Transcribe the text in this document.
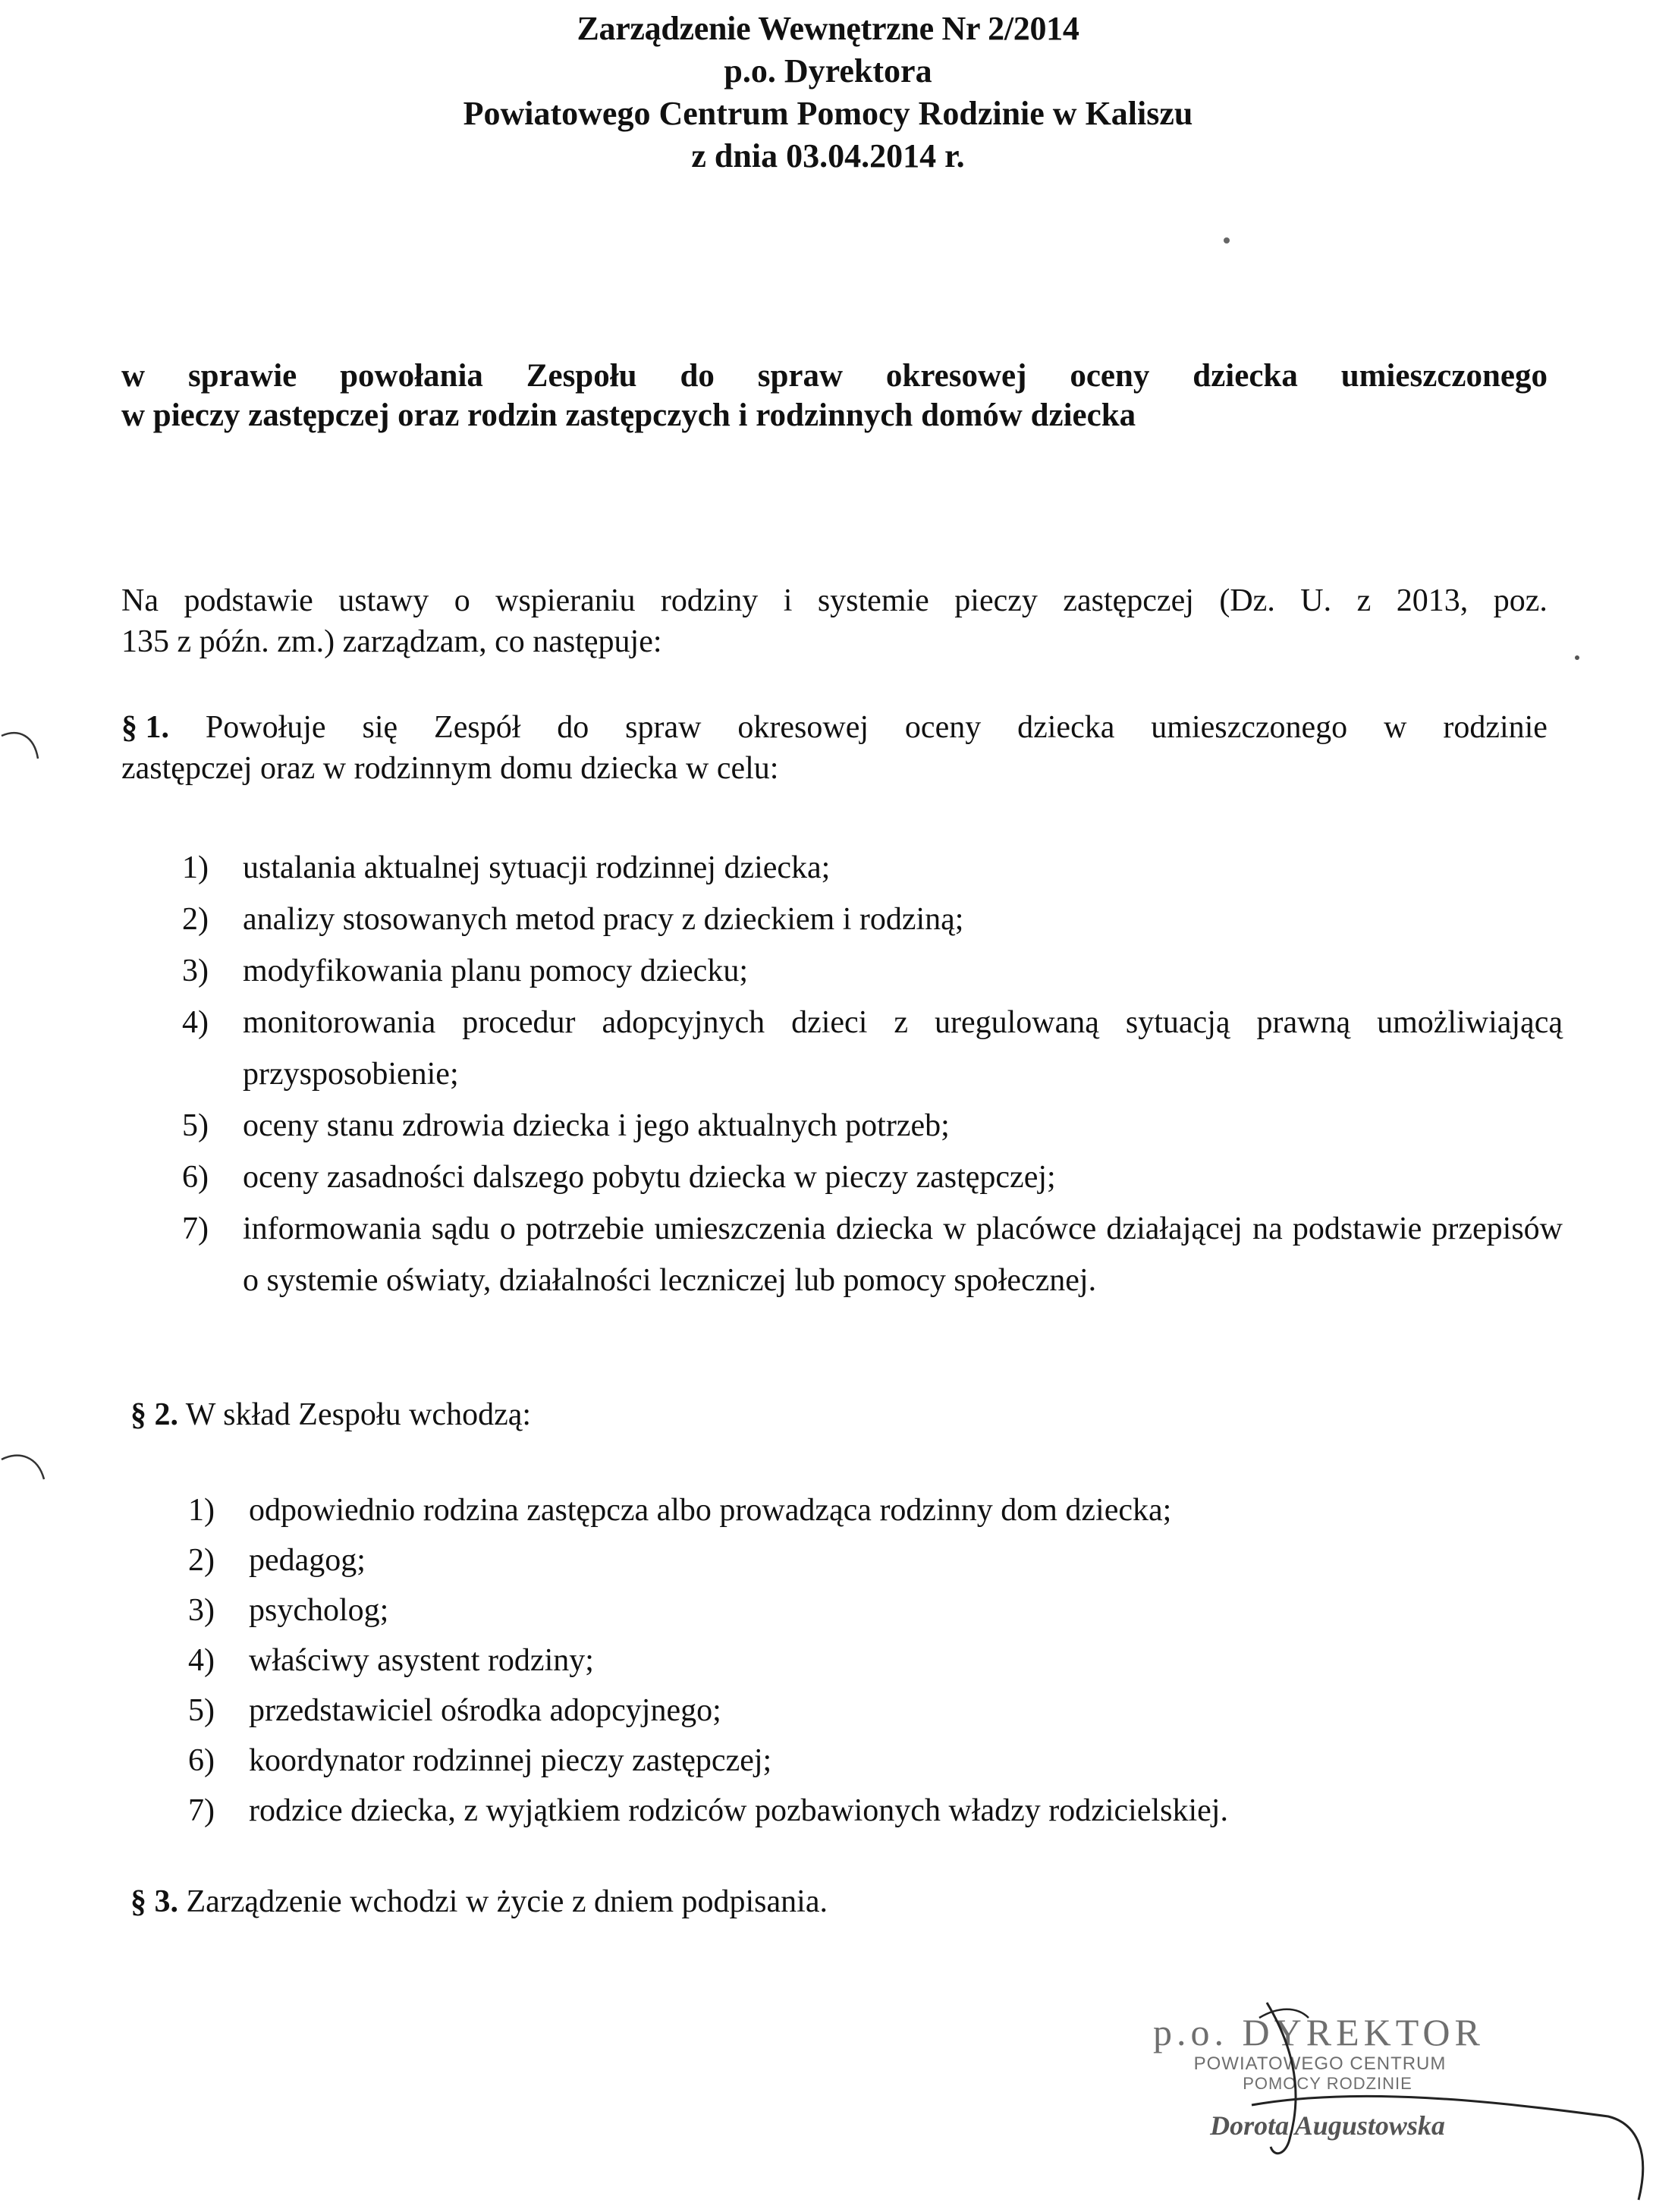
Zarządzenie Wewnętrzne Nr 2/2014
p.o. Dyrektora
Powiatowego Centrum Pomocy Rodzinie w Kaliszu
z dnia 03.04.2014 r.
w sprawie powołania Zespołu do spraw okresowej oceny dziecka umieszczonego
w pieczy zastępczej oraz rodzin zastępczych i rodzinnych domów dziecka
Na podstawie ustawy o wspieraniu rodziny i systemie pieczy zastępczej (Dz. U. z 2013, poz.
135 z późn. zm.) zarządzam, co następuje:
§ 1. Powołuje się Zespół do spraw okresowej oceny dziecka umieszczonego w rodzinie
zastępczej oraz w rodzinnym domu dziecka w celu:
1) ustalania aktualnej sytuacji rodzinnej dziecka;
2) analizy stosowanych metod pracy z dzieckiem i rodziną;
3) modyfikowania planu pomocy dziecku;
4) monitorowania procedur adopcyjnych dzieci z uregulowaną sytuacją prawną umożliwiającą przysposobienie;
5) oceny stanu zdrowia dziecka i jego aktualnych potrzeb;
6) oceny zasadności dalszego pobytu dziecka w pieczy zastępczej;
7) informowania sądu o potrzebie umieszczenia dziecka w placówce działającej na podstawie przepisów o systemie oświaty, działalności leczniczej lub pomocy społecznej.
§ 2. W skład Zespołu wchodzą:
1) odpowiednio rodzina zastępcza albo prowadząca rodzinny dom dziecka;
2) pedagog;
3) psycholog;
4) właściwy asystent rodziny;
5) przedstawiciel ośrodka adopcyjnego;
6) koordynator rodzinnej pieczy zastępczej;
7) rodzice dziecka, z wyjątkiem rodziców pozbawionych władzy rodzicielskiej.
§ 3. Zarządzenie wchodzi w życie z dniem podpisania.
p.o. DYREKTOR
POWIATOWEGO CENTRUM
POMOCY RODZINIE
Dorota Augustowska
